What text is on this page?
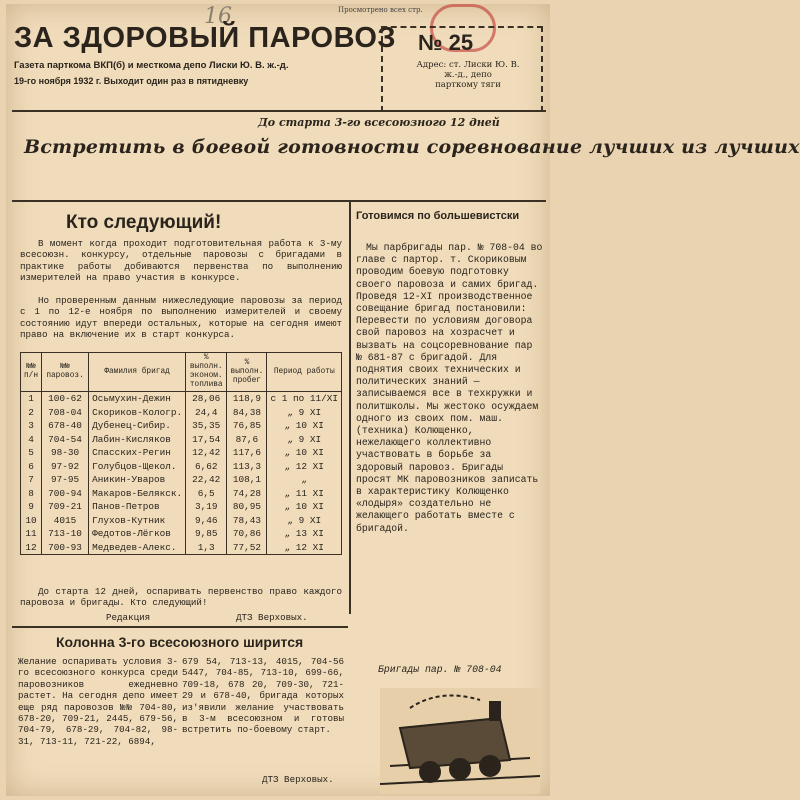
16	Просмотрено всех стр.
ЗА ЗДОРОВЫЙ ПАРОВОЗ
Газета парткома ВКП(б) и месткома депо Лиски Ю. В. ж.-д.
19-го ноября 1932 г. Выходит один раз в пятидневку
№ 25
Адрес: ст. Лиски Ю. В.
ж.-д., депо
парткому тяги
До старта 3-го всесоюзного 12 дней
Встретить в боевой готовности соревнование лучших из лучших
Кто следующий!
В момент когда проходит подготовительная работа к 3-му всесоюзн. конкурсу, отдельные паровозы с бригадами в практике работы добиваются первенства по выполнению измерителей на право участия в конкурсе.
Но проверенным данным нижеследующие паровозы за период с 1 по 12-е ноября по выполнению измерителей и своему состоянию идут впереди остальных, которые на сегодня имеют право на включение их в старт конкурса.
№№ п/н	№№ паровоз.	Фамилия бригад	% выполн. эконом. топлива	% выполн. пробег	Период работы
1	100-62	Осьмухин-Дежин	28,06	118,9	с 1 по 11/XI
2	708-04	Скориков-Кологр.	24,4	84,38	„ 9 XI
3	678-40	Дубенец-Сибир.	35,35	76,85	„ 10 XI
4	704-54	Лабин-Кисляков	17,54	87,6	„ 9 XI
5	98-30	Спасских-Регин	12,42	117,6	„ 10 XI
6	97-92	Голубцов-Щекол.	6,62	113,3	„ 12 XI
7	97-95	Аникин-Уваров	22,42	108,1	„
8	700-94	Макаров-Белякск.	6,5	74,28	„ 11 XI
9	709-21	Панов-Петров	3,19	80,95	„ 10 XI
10	4015	Глухов-Кутник	9,46	78,43	„ 9 XI
11	713-10	Федотов-Лёгков	9,85	70,86	„ 13 XI
12	700-93	Медведев-Алекс.	1,3	77,52	„ 12 XI
До старта 12 дней, оспаривать первенство право каждого паровоза и бригады. Кто следующий!
Редакция	ДТЗ Верховых.
Готовимся по большевистски
Мы парбригады пар. № 708-04 во главе с партор. т. Скориковым проводим боевую подготовку своего паровоза и самих бригад. Проведя 12-XI производственное совещание бригад постановили: Перевести по условиям договора свой паровоз на хозрасчет и вызвать на соцсоревнование пар № 681-87 с бригадой. Для поднятия своих технических и политических знаний — записываемся все в техкружки и политшколы. Мы жестоко осуждаем одного из своих пом. маш. (техника) Колющенко, нежелающего коллективно участвовать в борьбе за здоровый паровоз. Бригады просят МК паровозников записать в характеристику Колющенко «лодыря» создательно не желающего работать вместе с бригадой.
Бригады пар. № 708-04
Колонна 3-го всесоюзного ширится
Желание оспаривать условия 3-го всесоюзного конкурса среди паровозников ежедневно растет. На сегодня депо имеет еще ряд паровозов №№ 704-80, 678-20, 709-21, 2445, 679-56, 704-79, 678-29, 704-82, 98-31, 713-11, 721-22, 6894,
679 54, 713-13, 4015, 704-56 5447, 704-85, 713-10, 699-66, 709-18, 678 20, 709-30, 721-29 и 678-40, бригада которых из'явили желание участвовать в 3-м всесоюзном и готовы встретить по-боевому старт.
ДТЗ Верховых.
